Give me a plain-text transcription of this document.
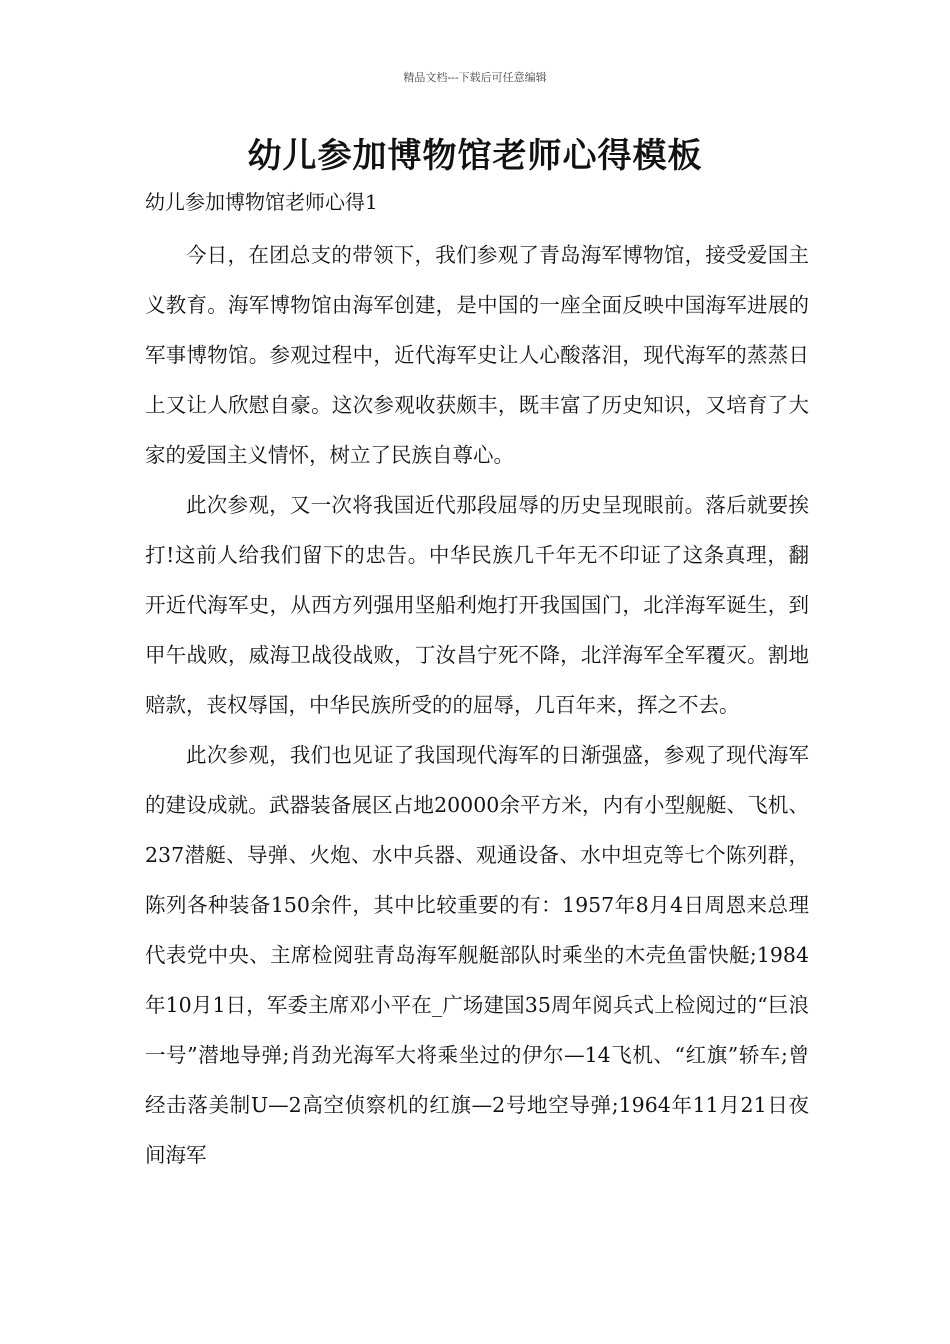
精品文档---下载后可任意编辑
幼儿参加博物馆老师心得模板
幼儿参加博物馆老师心得1

今日，在团总支的带领下，我们参观了青岛海军博物馆，接受爱国主义教育。海军博物馆由海军创建，是中国的一座全面反映中国海军进展的军事博物馆。参观过程中，近代海军史让人心酸落泪，现代海军的蒸蒸日上又让人欣慰自豪。这次参观收获颇丰，既丰富了历史知识，又培育了大家的爱国主义情怀，树立了民族自尊心。

此次参观，又一次将我国近代那段屈辱的历史呈现眼前。落后就要挨打!这前人给我们留下的忠告。中华民族几千年无不印证了这条真理，翻开近代海军史，从西方列强用坚船利炮打开我国国门，北洋海军诞生，到甲午战败，威海卫战役战败，丁汝昌宁死不降，北洋海军全军覆灭。割地赔款，丧权辱国，中华民族所受的的屈辱，几百年来，挥之不去。

此次参观，我们也见证了我国现代海军的日渐强盛，参观了现代海军的建设成就。武器装备展区占地20000余平方米，内有小型舰艇、飞机、237潜艇、导弹、火炮、水中兵器、观通设备、水中坦克等七个陈列群，陈列各种装备150余件，其中比较重要的有：1957年8月4日周恩来总理代表党中央、主席检阅驻青岛海军舰艇部队时乘坐的木壳鱼雷快艇;1984年10月1日，军委主席邓小平在_广场建国35周年阅兵式上检阅过的“巨浪一号”潜地导弹;肖劲光海军大将乘坐过的伊尔—14飞机、“红旗”轿车;曾经击落美制U—2高空侦察机的红旗—2号地空导弹;1964年11月21日夜间海军
